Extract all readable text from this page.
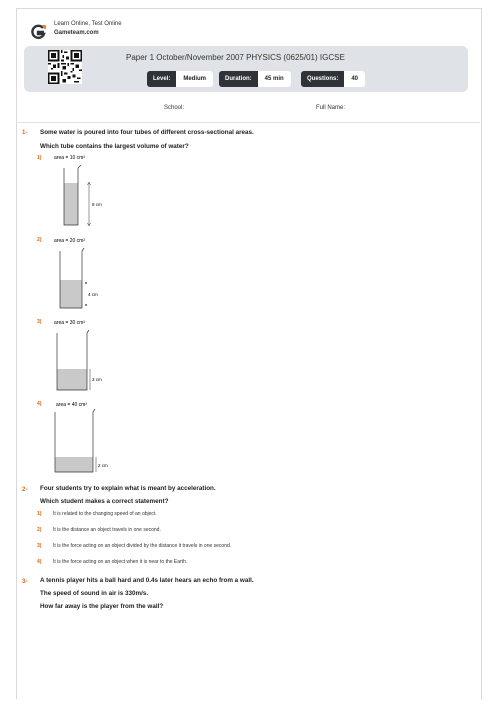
Learn Online, Test Online
Gameteam.com
Paper 1 October/November 2007 PHYSICS (0625/01) IGCSE
Level:	Medium	Duration:	45 min	Questions:	40
School:	Full Name:
1- Some water is poured into four tubes of different cross-sectional areas.
Which tube contains the largest volume of water?
1)	area = 10 cm²
8 cm
2)	area = 20 cm²
4 cm
3)	area = 30 cm²
3 cm
4)	area = 40 cm²
2 cm
2- Four students try to explain what is meant by acceleration.
Which student makes a correct statement?
1) It is related to the changing speed of an object.
2) It is the distance an object travels in one second.
3) It is the force acting on an object divided by the distance it travels in one second.
4) It is the force acting on an object when it is near to the Earth.
3- A tennis player hits a ball hard and 0.4s later hears an echo from a wall.
The speed of sound in air is 330m/s.
How far away is the player from the wall?
